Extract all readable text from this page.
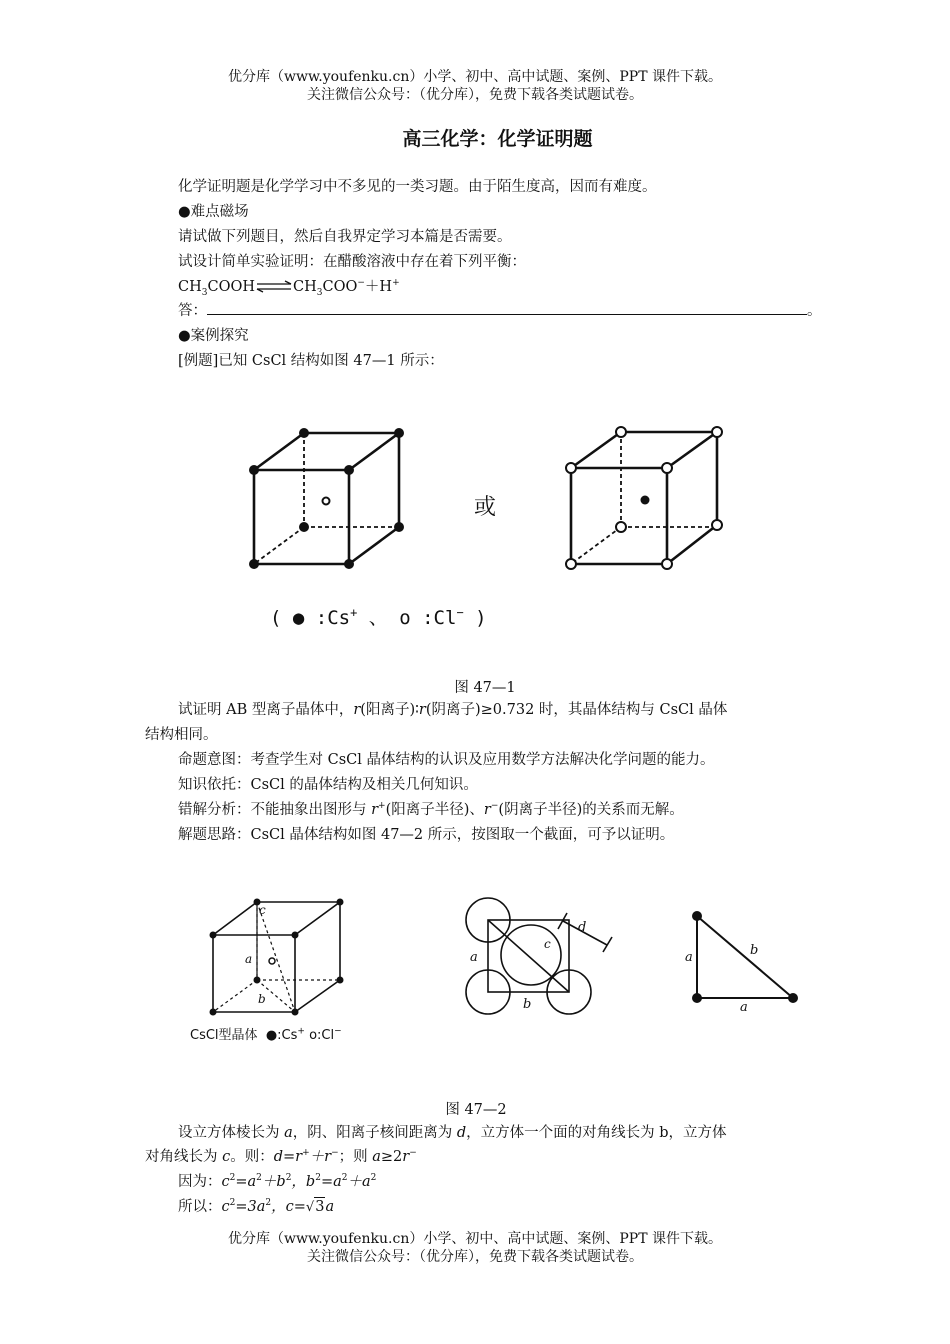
优分库（www.youfenku.cn）小学、初中、高中试题、案例、PPT 课件下载。
关注微信公众号：（优分库），免费下载各类试题试卷。
高三化学：化学证明题
化学证明题是化学学习中不多见的一类习题。由于陌生度高，因而有难度。
●难点磁场
请试做下列题目，然后自我界定学习本篇是否需要。
试设计简单实验证明：在醋酸溶液中存在着下列平衡：
$CH_3COOH\rightleftharpoons CH_3COO^-+H^+$
答：	。
●案例探究
[例题]已知 CsCl 结构如图 47—1 所示：
或
( ● :Cs+ 、 o :Cl− )
图 47—1
试证明 AB 型离子晶体中，r(阳离子)∶r(阴离子)≥0.732 时，其晶体结构与 CsCl 晶体
结构相同。
命题意图：考查学生对 CsCl 晶体结构的认识及应用数学方法解决化学问题的能力。
知识依托：CsCl 的晶体结构及相关几何知识。
错解分析：不能抽象出图形与 r+(阳离子半径)、r−(阴离子半径)的关系而无解。
解题思路：CsCl 晶体结构如图 47—2 所示，按图取一个截面，可予以证明。
c
a
b
CsCl型晶体 ●:Cs+ o:Cl−
a
b
c
d
a	b
a
图 47—2
设立方体棱长为 a，阴、阳离子核间距离为 d，立方体一个面的对角线长为 b，立方体
对角线长为 c。则：d=r+＋r−；则 a≥2r−
因为：$c^2=a^2+b^2$，$b^2=a^2+a^2$
所以：$c^2=3a^2$，c=√3a
优分库（www.youfenku.cn）小学、初中、高中试题、案例、PPT 课件下载。
关注微信公众号：（优分库），免费下载各类试题试卷。
